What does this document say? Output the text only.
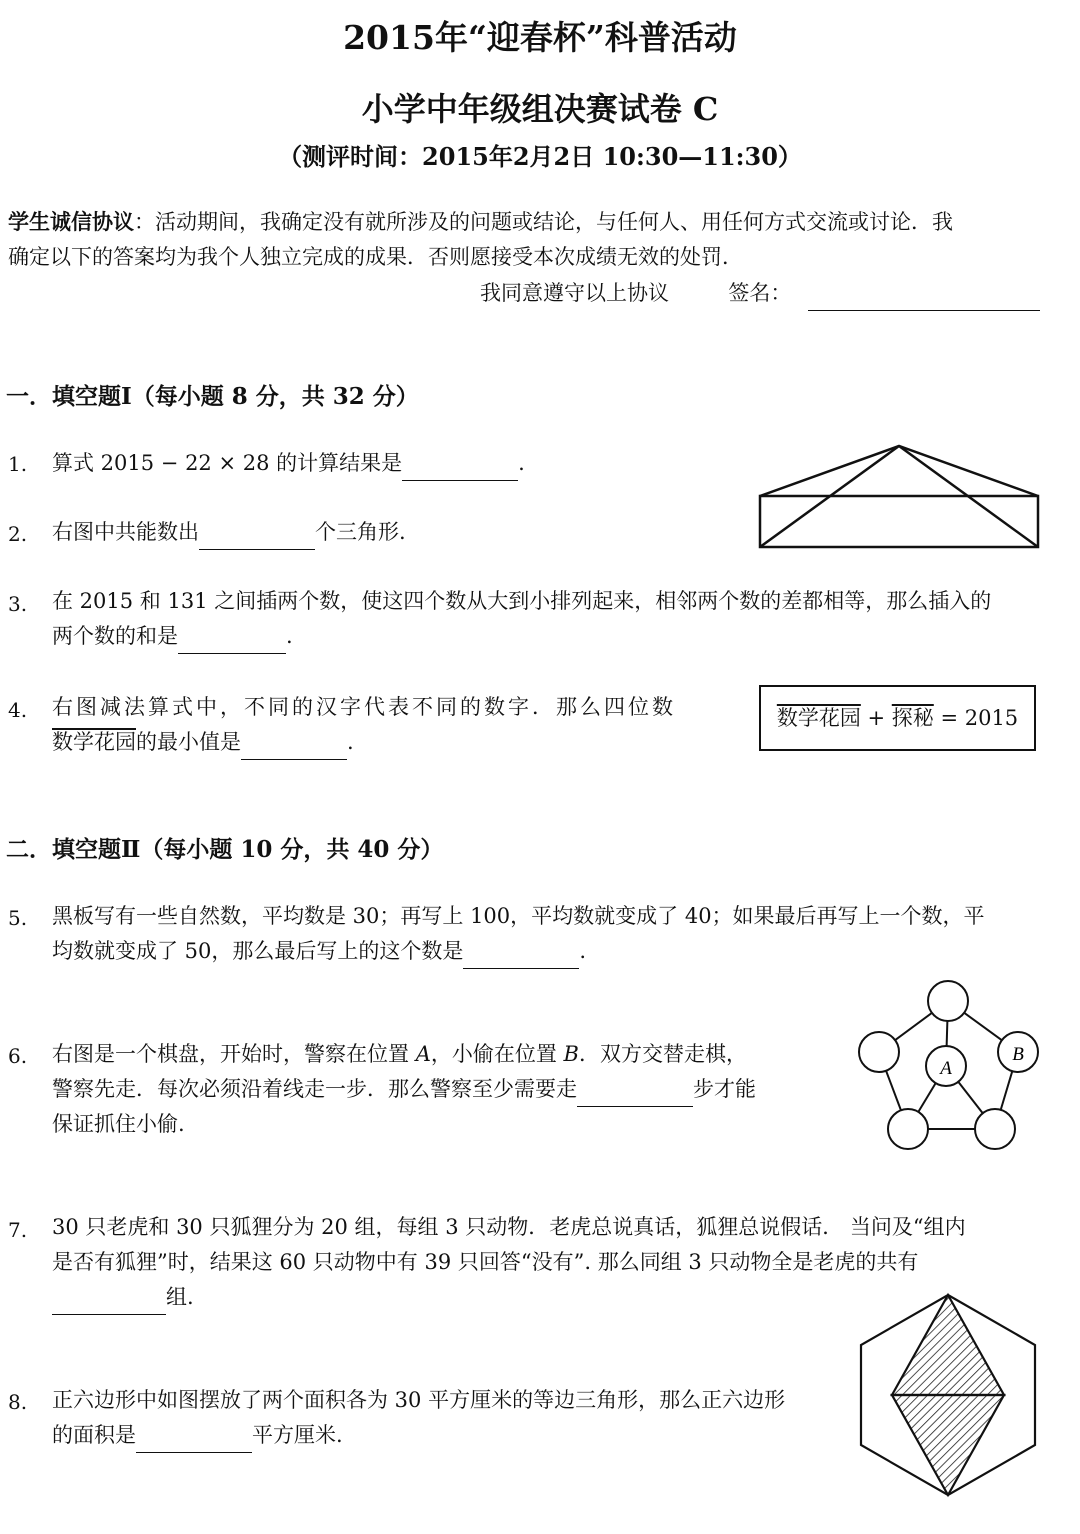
2015年“迎春杯”科普活动
小学中年级组决赛试卷 C
（测评时间：2015年2月2日 10:30—11:30）
学生诚信协议：活动期间，我确定没有就所涉及的问题或结论，与任何人、用任何方式交流或讨论．我
确定以下的答案均为我个人独立完成的成果．否则愿接受本次成绩无效的处罚．
我同意遵守以上协议	签名：
一．填空题Ⅰ（每小题 8 分，共 32 分）
1. 算式 2015 − 22 × 28 的计算结果是	.
2. 右图中共能数出	个三角形.
3. 在 2015 和 131 之间插两个数，使这四个数从大到小排列起来，相邻两个数的差都相等，那么插入的
两个数的和是	.
4. 右图减法算式中，不同的汉字代表不同的数字．那么四位数
数学花园的最小值是	.
数学花园 + 探秘 = 2015
二．填空题Ⅱ（每小题 10 分，共 40 分）
5. 黑板写有一些自然数，平均数是 30；再写上 100，平均数就变成了 40；如果最后再写上一个数，平
均数就变成了 50，那么最后写上的这个数是	.
6. 右图是一个棋盘，开始时，警察在位置 A，小偷在位置 B．双方交替走棋，
警察先走．每次必须沿着线走一步．那么警察至少需要走	步才能
保证抓住小偷.
A
B
7. 30 只老虎和 30 只狐狸分为 20 组，每组 3 只动物．老虎总说真话，狐狸总说假话． 当问及“组内
是否有狐狸”时，结果这 60 只动物中有 39 只回答“没有”. 那么同组 3 只动物全是老虎的共有
组.
8. 正六边形中如图摆放了两个面积各为 30 平方厘米的等边三角形，那么正六边形
的面积是	平方厘米.
